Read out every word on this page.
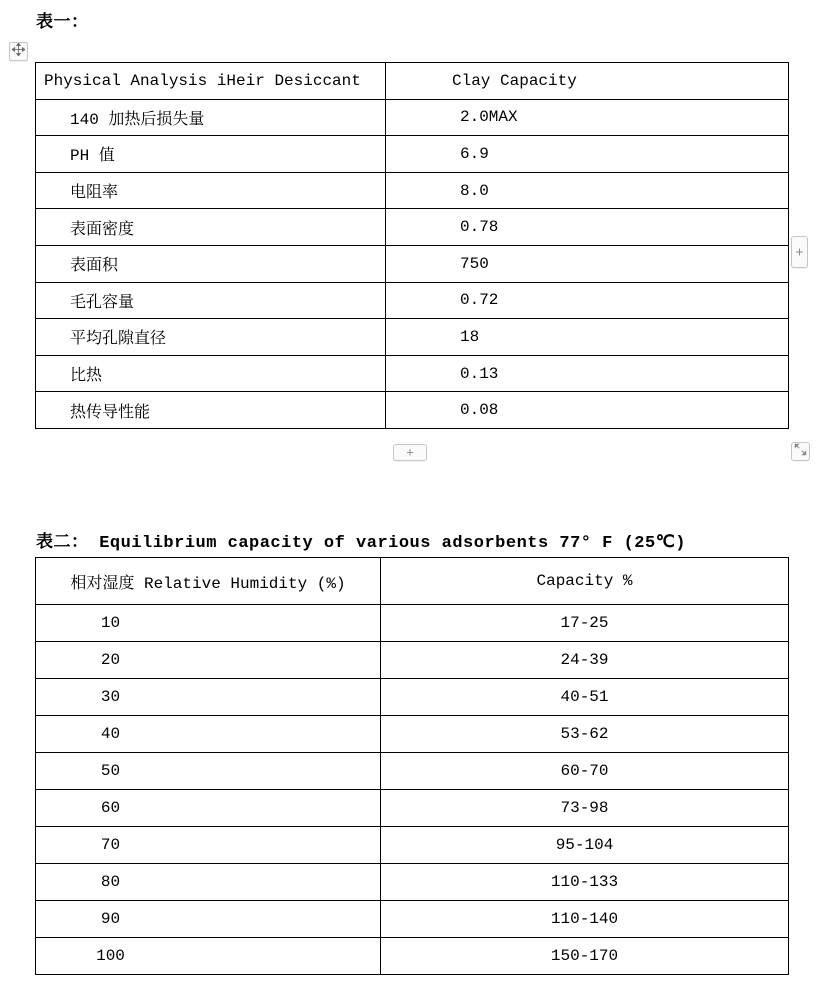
表一：
Physical Analysis iHeir Desiccant	Clay Capacity
140 加热后损失量	2.0MAX
PH 值	6.9
电阻率	8.0
表面密度	0.78
表面积	750
毛孔容量	0.72
平均孔隙直径	18
比热	0.13
热传导性能	0.08
+
+
表二： Equilibrium capacity of various adsorbents 77° F (25℃)
相对湿度 Relative Humidity (%)	Capacity %
10	17-25
20	24-39
30	40-51
40	53-62
50	60-70
60	73-98
70	95-104
80	110-133
90	110-140
100	150-170
